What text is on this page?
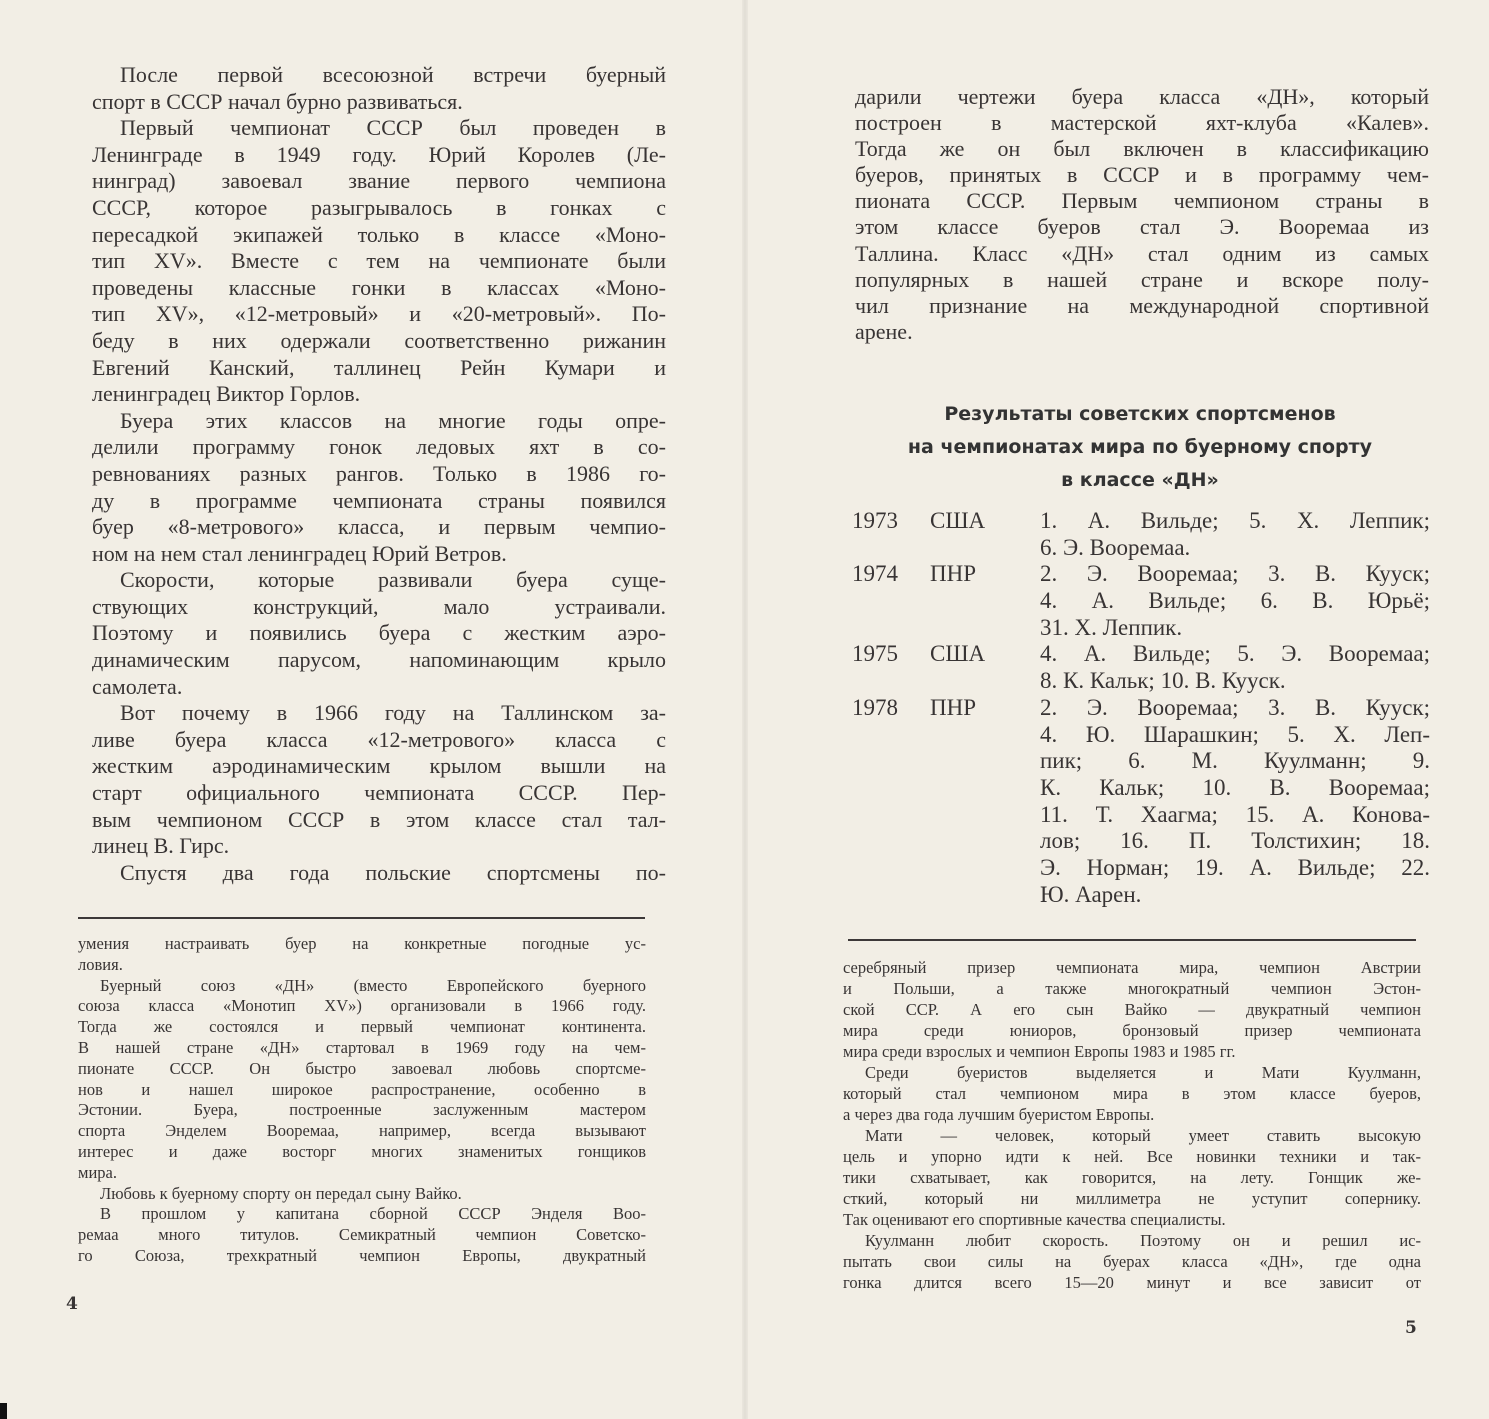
После первой всесоюзной встречи буерный
спорт в СССР начал бурно развиваться.
Первый чемпионат СССР был проведен в
Ленинграде в 1949 году. Юрий Королев (Ле-
нинград) завоевал звание первого чемпиона
СССР, которое разыгрывалось в гонках с
пересадкой экипажей только в классе «Моно-
тип XV». Вместе с тем на чемпионате были
проведены классные гонки в классах «Моно-
тип XV», «12-метровый» и «20-метровый». По-
беду в них одержали соответственно рижанин
Евгений Канский, таллинец Рейн Кумари и
ленинградец Виктор Горлов.
Буера этих классов на многие годы опре-
делили программу гонок ледовых яхт в со-
ревнованиях разных рангов. Только в 1986 го-
ду в программе чемпионата страны появился
буер «8-метрового» класса, и первым чемпио-
ном на нем стал ленинградец Юрий Ветров.
Скорости, которые развивали буера суще-
ствующих конструкций, мало устраивали.
Поэтому и появились буера с жестким аэро-
динамическим парусом, напоминающим крыло
самолета.
Вот почему в 1966 году на Таллинском за-
ливе буера класса «12-метрового» класса с
жестким аэродинамическим крылом вышли на
старт официального чемпионата СССР. Пер-
вым чемпионом СССР в этом классе стал тал-
линец В. Гирс.
Спустя два года польские спортсмены по-
умения настраивать буер на конкретные погодные ус-
ловия.
Буерный союз «ДН» (вместо Европейского буерного
союза класса «Монотип XV») организовали в 1966 году.
Тогда же состоялся и первый чемпионат континента.
В нашей стране «ДН» стартовал в 1969 году на чем-
пионате СССР. Он быстро завоевал любовь спортсме-
нов и нашел широкое распространение, особенно в
Эстонии. Буера, построенные заслуженным мастером
спорта Энделем Вооремаа, например, всегда вызывают
интерес и даже восторг многих знаменитых гонщиков
мира.
Любовь к буерному спорту он передал сыну Вайко.
В прошлом у капитана сборной СССР Энделя Воо-
ремаа много титулов. Семикратный чемпион Советско-
го Союза, трехкратный чемпион Европы, двукратный
4
дарили чертежи буера класса «ДН», который
построен в мастерской яхт-клуба «Калев».
Тогда же он был включен в классификацию
буеров, принятых в СССР и в программу чем-
пионата СССР. Первым чемпионом страны в
этом классе буеров стал Э. Вооремаа из
Таллина. Класс «ДН» стал одним из самых
популярных в нашей стране и вскоре полу-
чил признание на международной спортивной
арене.
Результаты советских спортсменов
на чемпионатах мира по буерному спорту
в классе «ДН»
1973	США	1. А. Вильде; 5. Х. Леппик;
6. Э. Вооремаа.
1974	ПНР	2. Э. Вооремаа; 3. В. Кууск;
4. А. Вильде; 6. В. Юрьё;
31. Х. Леппик.
1975	США	4. А. Вильде; 5. Э. Вооремаа;
8. К. Кальк; 10. В. Кууск.
1978	ПНР	2. Э. Вооремаа; 3. В. Кууск;
4. Ю. Шарашкин; 5. Х. Леп-
пик; 6. М. Куулманн; 9.
К. Кальк; 10. В. Вооремаа;
11. Т. Хаагма; 15. А. Конова-
лов; 16. П. Толстихин; 18.
Э. Норман; 19. А. Вильде; 22.
Ю. Аарен.
серебряный призер чемпионата мира, чемпион Австрии
и Польши, а также многократный чемпион Эстон-
ской ССР. А его сын Вайко — двукратный чемпион
мира среди юниоров, бронзовый призер чемпионата
мира среди взрослых и чемпион Европы 1983 и 1985 гг.
Среди буеристов выделяется и Мати Куулманн,
который стал чемпионом мира в этом классе буеров,
а через два года лучшим буеристом Европы.
Мати — человек, который умеет ставить высокую
цель и упорно идти к ней. Все новинки техники и так-
тики схватывает, как говорится, на лету. Гонщик же-
сткий, который ни миллиметра не уступит сопернику.
Так оценивают его спортивные качества специалисты.
Куулманн любит скорость. Поэтому он и решил ис-
пытать свои силы на буерах класса «ДН», где одна
гонка длится всего 15—20 минут и все зависит от
5
